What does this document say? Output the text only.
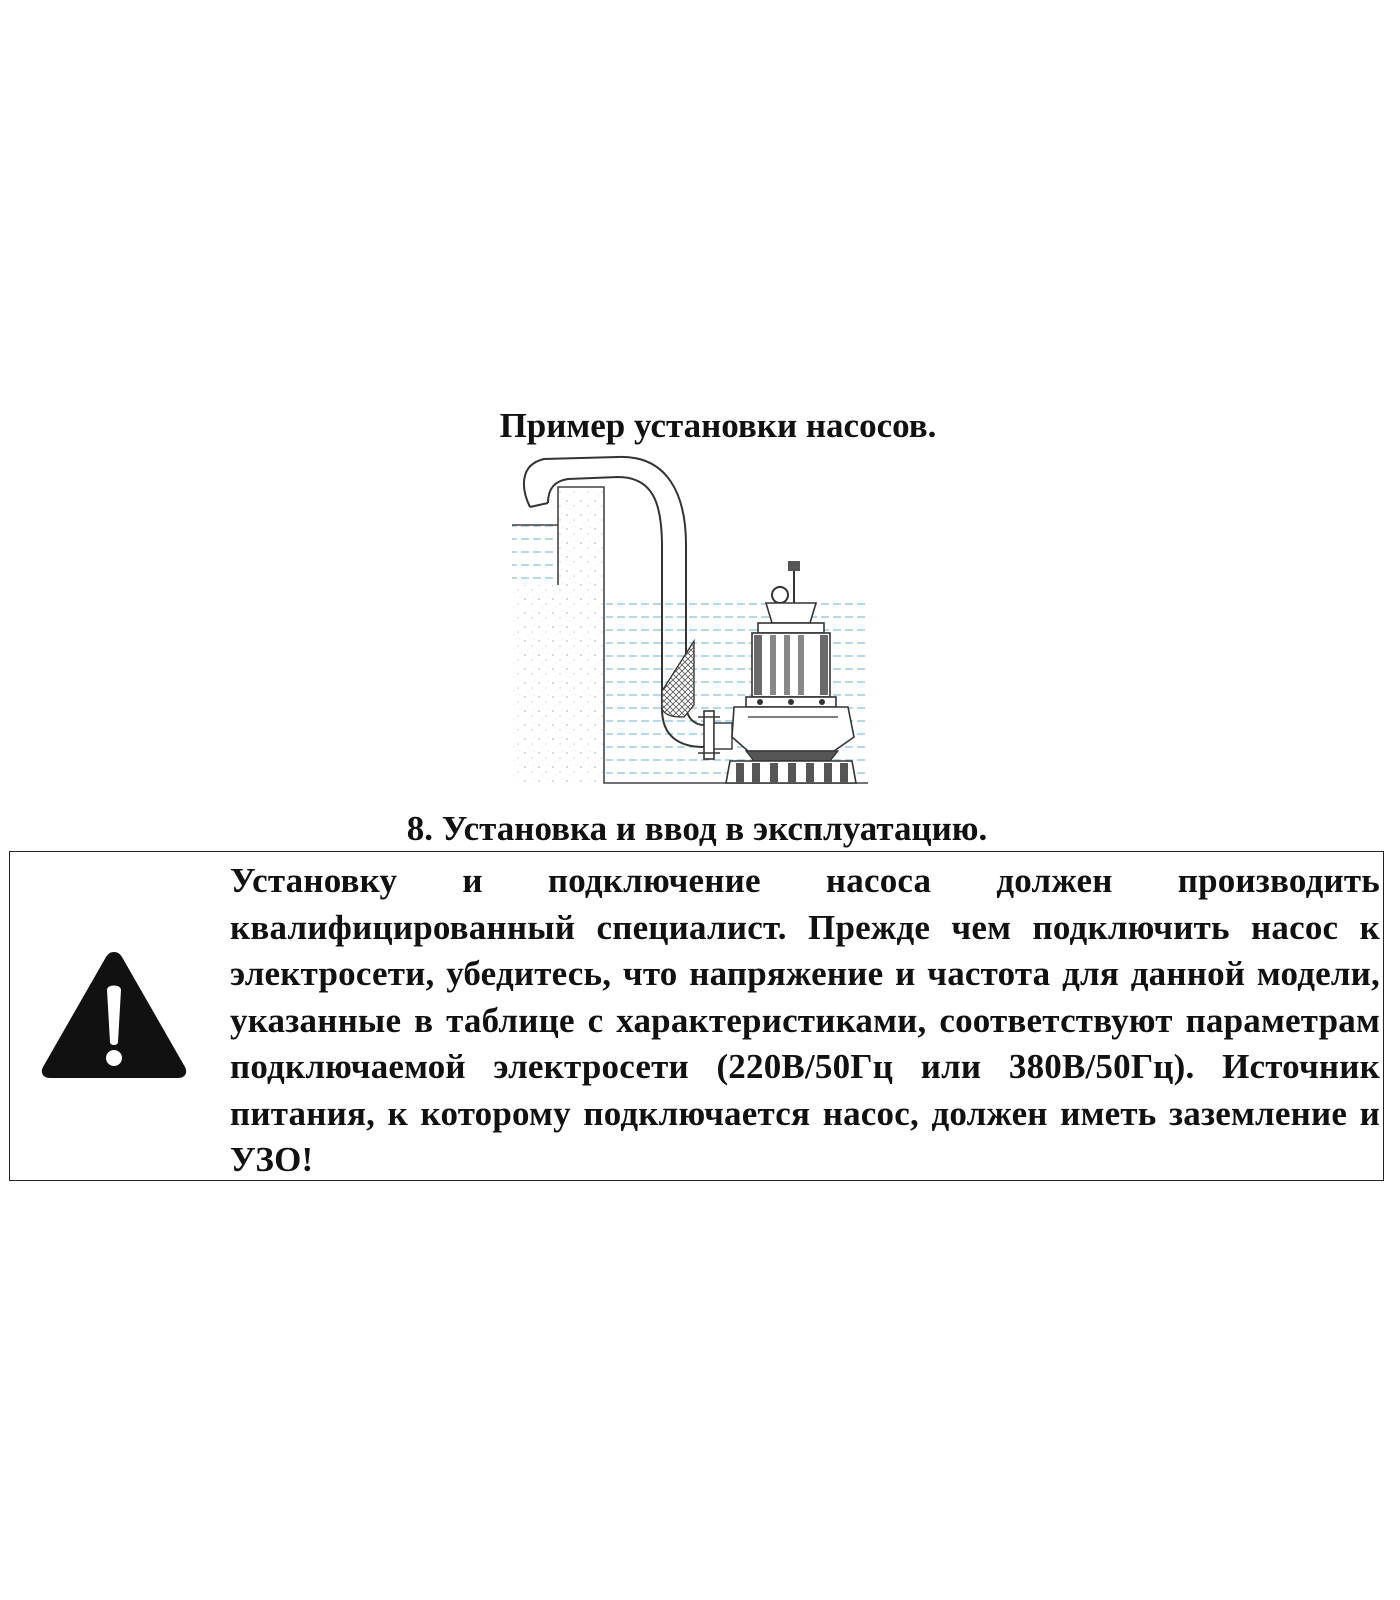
Пример установки насосов.
8. Установка и ввод в эксплуатацию.
Установку и подключение насоса должен производить квалифицированный специалист. Прежде чем подключить насос к электросети, убедитесь, что напряжение и частота для данной модели, указанные в таблице с характеристиками, соответствуют параметрам подключаемой электросети (220В/50Гц или 380В/50Гц). Источник питания, к которому подключается насос, должен иметь заземление и УЗО!
